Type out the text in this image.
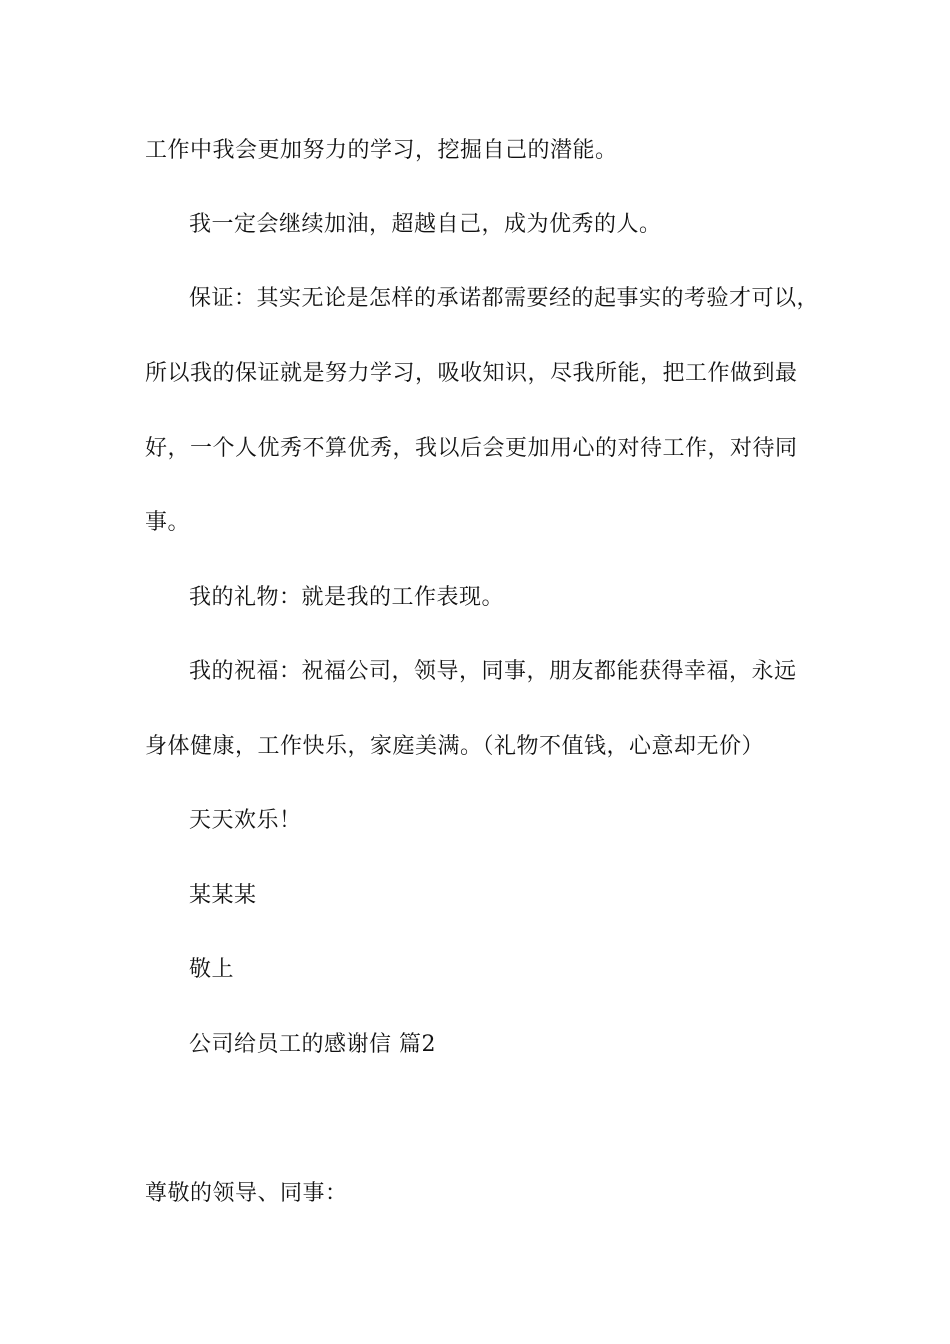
工作中我会更加努力的学习，挖掘自己的潜能。
我一定会继续加油，超越自己，成为优秀的人。
保证：其实无论是怎样的承诺都需要经的起事实的考验才可以，
所以我的保证就是努力学习，吸收知识，尽我所能，把工作做到最
好，一个人优秀不算优秀，我以后会更加用心的对待工作，对待同
事。
我的礼物：就是我的工作表现。
我的祝福：祝福公司，领导，同事，朋友都能获得幸福，永远
身体健康，工作快乐，家庭美满。（礼物不值钱，心意却无价）
天天欢乐！
某某某
敬上
公司给员工的感谢信 篇2
尊敬的领导、同事：
